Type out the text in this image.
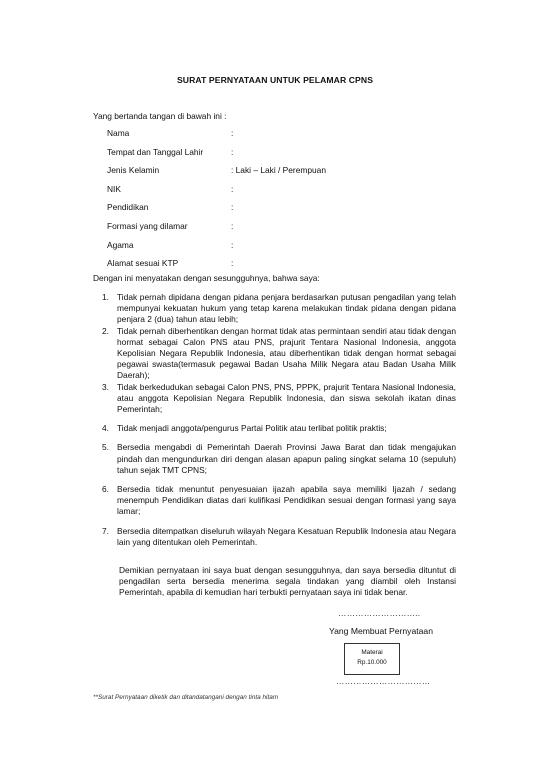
SURAT PERNYATAAN UNTUK PELAMAR CPNS
Yang bertanda tangan di bawah ini :
Nama	:
Tempat dan Tanggal Lahir	:
Jenis Kelamin	: Laki – Laki / Perempuan
NIK	:
Pendidikan	:
Formasi yang dilamar	:
Agama	:
Alamat sesuai KTP	:
Dengan ini menyatakan dengan sesungguhnya, bahwa saya:
1. Tidak pernah dipidana dengan pidana penjara berdasarkan putusan pengadilan yang telah mempunyai kekuatan hukum yang tetap karena melakukan tindak pidana dengan pidana penjara 2 (dua) tahun atau lebih;
2. Tidak pernah diberhentikan dengan hormat tidak atas permintaan sendiri atau tidak dengan hormat sebagai Calon PNS atau PNS, prajurit Tentara Nasional Indonesia, anggota Kepolisian Negara Republik Indonesia, atau diberhentikan tidak dengan hormat sebagai pegawai swasta(termasuk pegawai Badan Usaha Milik Negara atau Badan Usaha Milik Daerah);
3. Tidak berkedudukan sebagai Calon PNS, PNS, PPPK, prajurit Tentara Nasional Indonesia, atau anggota Kepolisian Negara Republik Indonesia, dan siswa sekolah ikatan dinas Pemerintah;
4. Tidak menjadi anggota/pengurus Partai Politik atau terlibat politik praktis;
5. Bersedia mengabdi di Pemerintah Daerah Provinsi Jawa Barat dan tidak mengajukan pindah dan mengundurkan diri dengan alasan apapun paling singkat selama 10 (sepuluh) tahun sejak TMT CPNS;
6. Bersedia tidak menuntut penyesuaian ijazah apabila saya memiliki Ijazah / sedang menempuh Pendidikan diatas dari kulifikasi Pendidikan sesuai dengan formasi yang saya lamar;
7. Bersedia ditempatkan diseluruh wilayah Negara Kesatuan Republik Indonesia atau Negara lain yang ditentukan oleh Pemerintah.
Demikian pernyataan ini saya buat dengan sesungguhnya, dan saya bersedia dituntut di pengadilan serta bersedia menerima segala tindakan yang diambil oleh Instansi Pemerintah, apabila di kemudian hari terbukti pernyataan saya ini tidak benar.
………………………..
Yang Membuat Pernyataan
Materai
Rp.10.000
……………………………
**Surat Pernyataan diketik dan ditandatangani dengan tinta hitam
